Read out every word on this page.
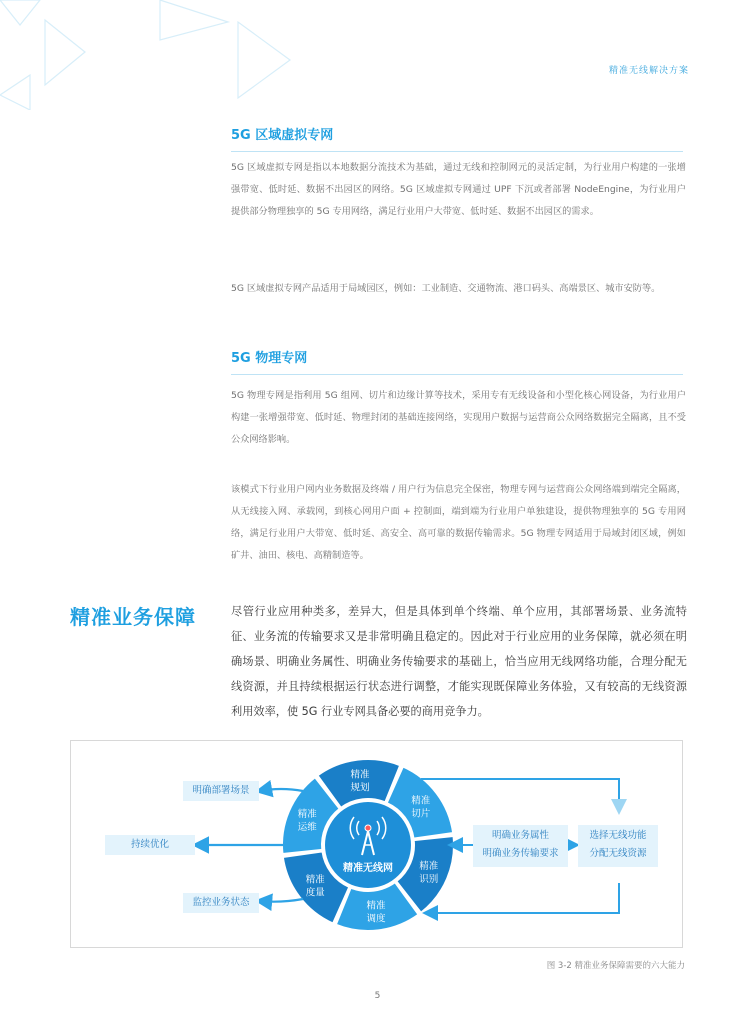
精准无线解决方案
5G 区域虚拟专网

5G 区域虚拟专网是指以本地数据分流技术为基础，通过无线和控制网元的灵活定制，为行业用户构建的一张增强带宽、低时延、数据不出园区的网络。5G 区域虚拟专网通过 UPF 下沉或者部署 NodeEngine，为行业用户提供部分物理独享的 5G 专用网络，满足行业用户大带宽、低时延、数据不出园区的需求。

5G 区域虚拟专网产品适用于局域园区，例如：工业制造、交通物流、港口码头、高端景区、城市安防等。

5G 物理专网

5G 物理专网是指利用 5G 组网、切片和边缘计算等技术，采用专有无线设备和小型化核心网设备，为行业用户构建一张增强带宽、低时延、物理封闭的基础连接网络，实现用户数据与运营商公众网络数据完全隔离，且不受公众网络影响。

该模式下行业用户网内业务数据及终端 / 用户行为信息完全保密，物理专网与运营商公众网络端到端完全隔离，从无线接入网、承载网，到核心网用户面 + 控制面，端到端为行业用户单独建设，提供物理独享的 5G 专用网络，满足行业用户大带宽、低时延、高安全、高可靠的数据传输需求。5G 物理专网适用于局域封闭区域，例如矿井、油田、核电、高精制造等。

精准业务保障	尽管行业应用种类多，差异大，但是具体到单个终端、单个应用，其部署场景、业务流特征、业务流的传输要求又是非常明确且稳定的。因此对于行业应用的业务保障，就必须在明确场景、明确业务属性、明确业务传输要求的基础上，恰当应用无线网络功能，合理分配无线资源，并且持续根据运行状态进行调整，才能实现既保障业务体验，又有较高的无线资源利用效率，使 5G 行业专网具备必要的商用竞争力。

精准
规划
精准
切片
精准
识别
精准
调度
精准
度量
精准
运维
精准无线网
明确部署场景
持续优化
监控业务状态
明确业务属性
明确业务传输要求
选择无线功能
分配无线资源
图 3-2 精准业务保障需要的六大能力
5
